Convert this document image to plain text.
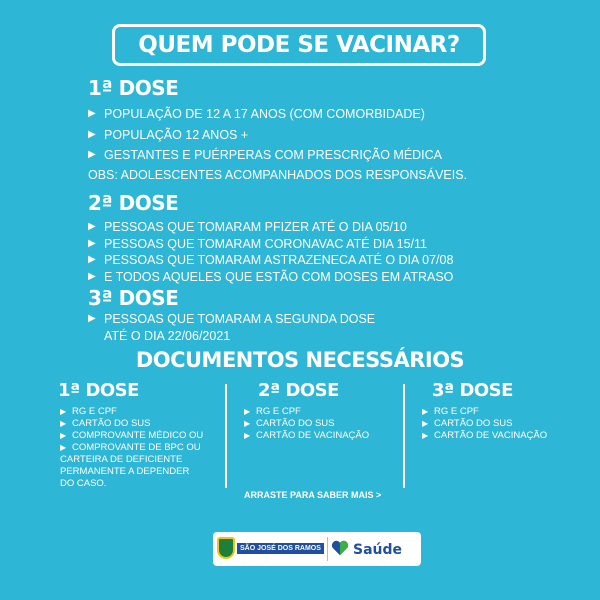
QUEM PODE SE VACINAR?
1ª DOSE
▶ POPULAÇÃO DE 12 A 17 ANOS (COM COMORBIDADE)
▶ POPULAÇÃO 12 ANOS +
▶ GESTANTES E PUÉRPERAS COM PRESCRIÇÃO MÉDICA
OBS: ADOLESCENTES ACOMPANHADOS DOS RESPONSÁVEIS.
2ª DOSE
▶ PESSOAS QUE TOMARAM PFIZER ATÉ O DIA 05/10
▶ PESSOAS QUE TOMARAM CORONAVAC ATÉ DIA 15/11
▶ PESSOAS QUE TOMARAM ASTRAZENECA ATÉ O DIA 07/08
▶ E TODOS AQUELES QUE ESTÃO COM DOSES EM ATRASO
3ª DOSE
▶ PESSOAS QUE TOMARAM A SEGUNDA DOSE
ATÉ O DIA 22/06/2021
DOCUMENTOS NECESSÁRIOS
1ª DOSE
▶ RG E CPF
▶ CARTÃO DO SUS
▶ COMPROVANTE MÉDICO OU
▶ COMPROVANTE DE BPC OU
CARTEIRA DE DEFICIENTE
PERMANENTE A DEPENDER
DO CASO.
2ª DOSE
▶ RG E CPF
▶ CARTÃO DO SUS
▶ CARTÃO DE VACINAÇÃO
3ª DOSE
▶ RG E CPF
▶ CARTÃO DO SUS
▶ CARTÃO DE VACINAÇÃO
ARRASTE PARA SABER MAIS >
SÃO JOSÉ DOS RAMOS Saúde
